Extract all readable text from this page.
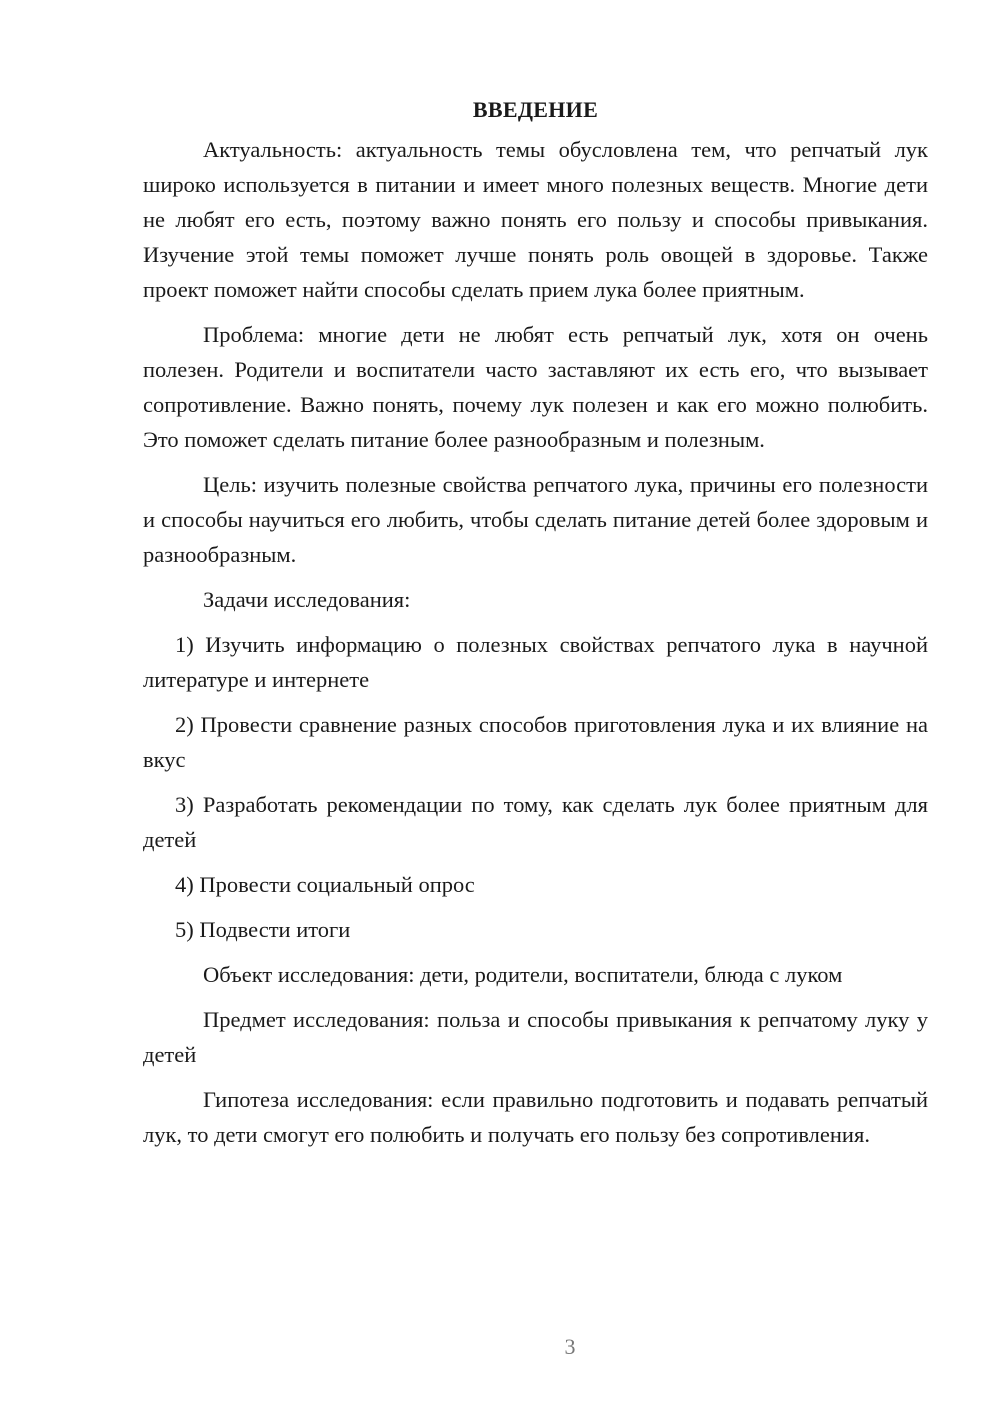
ВВЕДЕНИЕ

Актуальность: актуальность темы обусловлена тем, что репчатый лук широко используется в питании и имеет много полезных веществ. Многие дети не любят его есть, поэтому важно понять его пользу и способы привыкания. Изучение этой темы поможет лучше понять роль овощей в здоровье. Также проект поможет найти способы сделать прием лука более приятным.

Проблема: многие дети не любят есть репчатый лук, хотя он очень полезен. Родители и воспитатели часто заставляют их есть его, что вызывает сопротивление. Важно понять, почему лук полезен и как его можно полюбить. Это поможет сделать питание более разнообразным и полезным.

Цель: изучить полезные свойства репчатого лука, причины его полезности и способы научиться его любить, чтобы сделать питание детей более здоровым и разнообразным.

Задачи исследования:

1) Изучить информацию о полезных свойствах репчатого лука в научной литературе и интернете

2) Провести сравнение разных способов приготовления лука и их влияние на вкус

3) Разработать рекомендации по тому, как сделать лук более приятным для детей

4) Провести социальный опрос

5) Подвести итоги

Объект исследования: дети, родители, воспитатели, блюда с луком

Предмет исследования: польза и способы привыкания к репчатому луку у детей

Гипотеза исследования: если правильно подготовить и подавать репчатый лук, то дети смогут его полюбить и получать его пользу без сопротивления.

3
